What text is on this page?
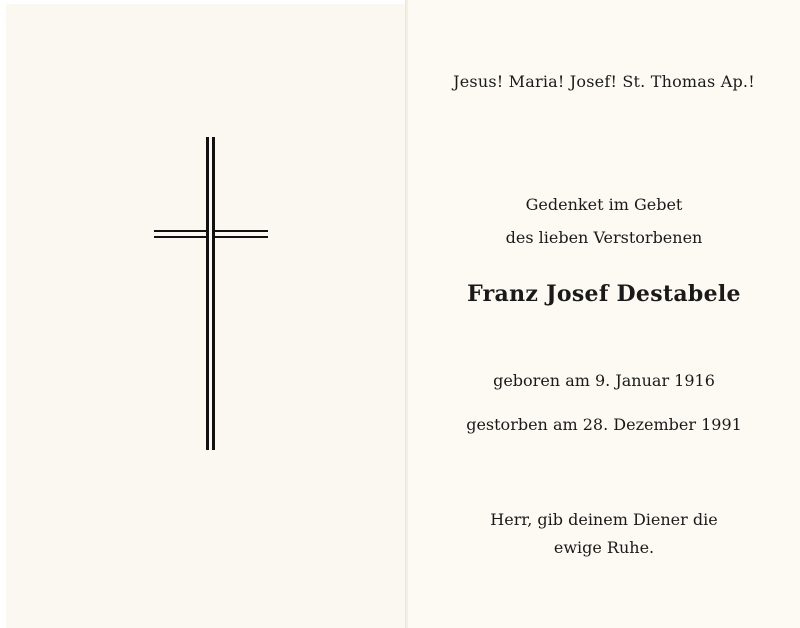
Jesus! Maria! Josef! St. Thomas Ap.!
Gedenket im Gebet
des lieben Verstorbenen
Franz Josef Destabele
geboren am 9. Januar 1916
gestorben am 28. Dezember 1991
Herr, gib deinem Diener die
ewige Ruhe.
